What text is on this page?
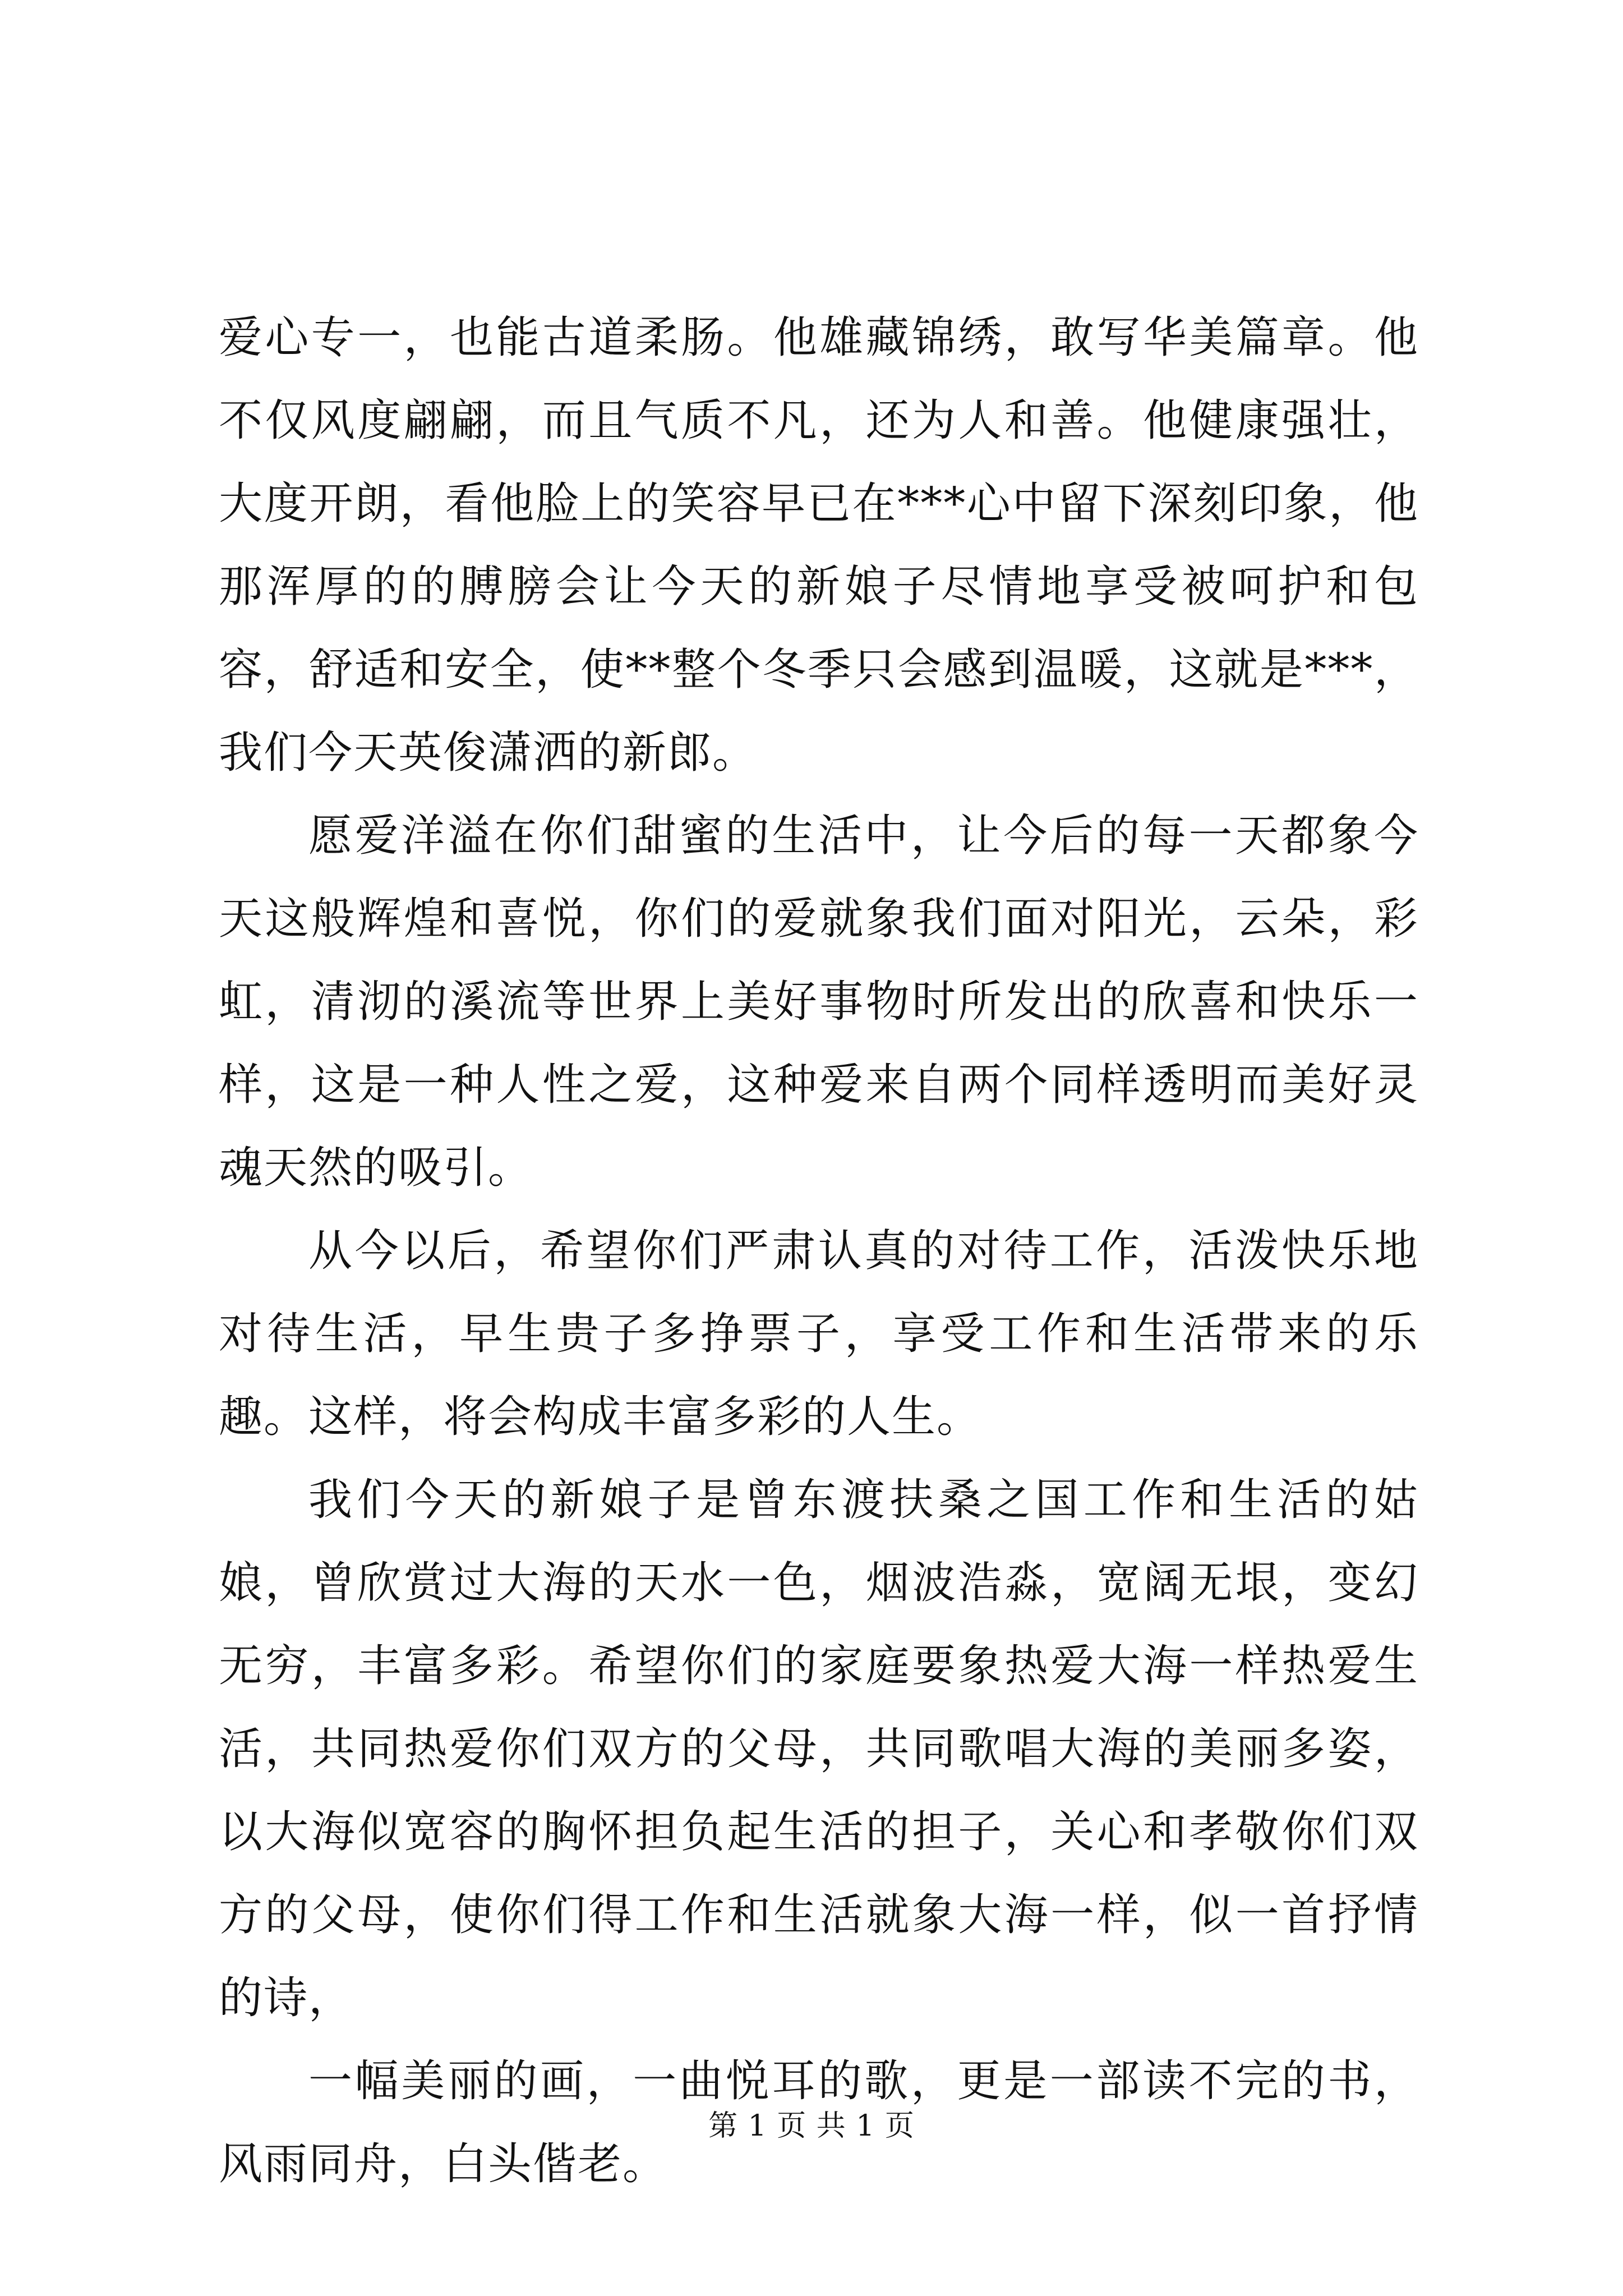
爱心专一，也能古道柔肠。他雄藏锦绣，敢写华美篇章。他不仅风度翩翩，而且气质不凡，还为人和善。他健康强壮，大度开朗，看他脸上的笑容早已在***心中留下深刻印象，他那浑厚的的膊膀会让今天的新娘子尽情地享受被呵护和包容，舒适和安全，使**整个冬季只会感到温暖，这就是***，我们今天英俊潇洒的新郎。

愿爱洋溢在你们甜蜜的生活中，让今后的每一天都象今天这般辉煌和喜悦，你们的爱就象我们面对阳光，云朵，彩虹，清沏的溪流等世界上美好事物时所发出的欣喜和快乐一样，这是一种人性之爱，这种爱来自两个同样透明而美好灵魂天然的吸引。

从今以后，希望你们严肃认真的对待工作，活泼快乐地对待生活，早生贵子多挣票子，享受工作和生活带来的乐趣。这样，将会构成丰富多彩的人生。

我们今天的新娘子是曾东渡扶桑之国工作和生活的姑娘，曾欣赏过大海的天水一色，烟波浩淼，宽阔无垠，变幻无穷，丰富多彩。希望你们的家庭要象热爱大海一样热爱生活，共同热爱你们双方的父母，共同歌唱大海的美丽多姿，以大海似宽容的胸怀担负起生活的担子，关心和孝敬你们双方的父母，使你们得工作和生活就象大海一样，似一首抒情的诗，

一幅美丽的画，一曲悦耳的歌，更是一部读不完的书，风雨同舟，白头偕老。

第 1 页 共 1 页
